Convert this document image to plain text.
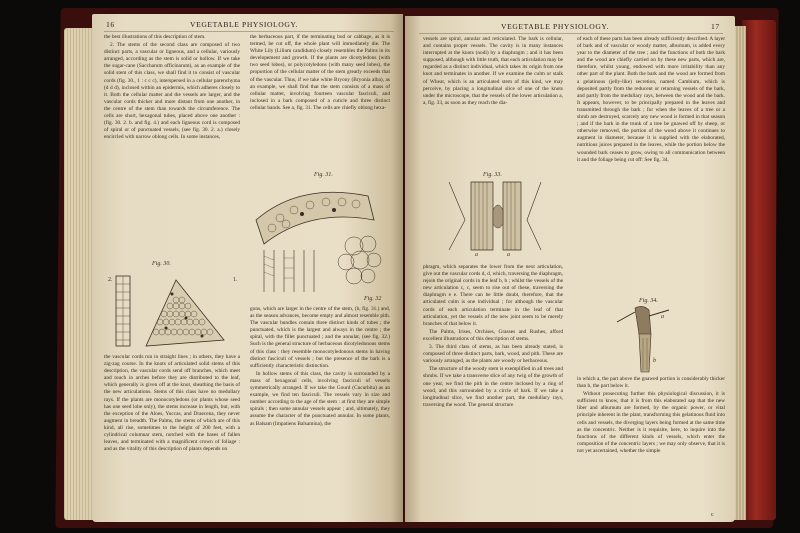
16	VEGETABLE PHYSIOLOGY.

the best illustrations of this description of stem.

2. The stems of the second class are composed of two distinct parts, a vascular or ligneous, and a cellular, variously arranged, according as the stem is solid or hollow. If we take the sugar-cane (Saccharum officinarum), as an example of the solid stem of this class, we shall find it to consist of vascular cords (fig. 30., 1 : c c c), interspersed in a cellular parenchyma (d d d), inclosed within an epidermis, which adheres closely to it. Both the cellular matter and the vessels are larger, and the vascular cords thicker and more distant from one another, in the centre of the stem than towards the circumference. The cells are short, hexagonal tubes, placed above one another : (fig. 30. 2. b. and fig. 4.) and each ligneous cord is composed of spiral or of punctuated vessels, (see fig. 30. 2. a.) closely encircled with narrow oblong cells. In some instances,

the herbaceous part, if the terminating bud or cabbage, as it is termed, be cut off, the whole plant will immediately die. The White Lily (Lilium candidum) closely resembles the Palms in its developement and growth. If the plants are dicotyledons (with two seed lobes), or polycotyledons (with many seed lobes), the proportion of the cellular matter of the stem greatly exceeds that of the vascular. Thus, if we take white Bryony (Bryonia alba), as an example, we shall find that the stem consists of a mass of cellular matter, involving fourteen vascular fasciculi, and inclosed in a bark composed of a cuticle and three distinct cellular bands. See a, fig. 31. The cells are chiefly oblong hexa-

Fig. 30.
2.	1.
Fig. 31.
Fig. 32

the vascular cords run in straight lines ; in others, they have a zig-zag course. In the knots of articulated solid stems of this description, the vascular cords send off branches, which meet and touch in arches before they are distributed to the leaf, which generally is given off at the knot, sheathing the basis of the new articulations. Stems of this class have no medullary rays. If the plants are monocotyledons (or plants whose seed has one seed lobe only), the stems increase in length, but, with the exception of the Aloes, Yuccas, and Draecena, they never augment in breadth. The Palms, the stems of which are of this kind, all rise, sometimes to the height of 200 feet, with a cylindrical columnar stem, notched with the bases of fallen leaves, and terminated with a magnificent crown of foliage : and as the vitality of this description of plants depends on

gons, which are larger in the centre of the stem, (b, fig. 31.) and, as the season advances, become empty and almost resemble pith. The vascular bundles contain three distinct kinds of tubes ; the punctuated, which is the largest and always in the centre ; the spiral, with the fillet punctuated ; and the annular, (see fig. 32.) Such is the general structure of herbaceous dicotyledonous stems of this class : they resemble monocotyledonous stems in having distinct fasciculi of vessels ; but the presence of the bark is a sufficiently characteristic distinction.

In hollow stems of this class, the cavity is surrounded by a mass of hexagonal cells, involving fasciculi of vessels symmetrically arranged. If we take the Gourd (Cucurbita) as an example, we find ten fasciculi. The vessels vary in size and number according to the age of the stem : at first they are simple spirals ; then some annular vessels appear ; and, ultimately, they assume the character of the punctuated annular. In some plants, as Balsam (Impatiens Balsamina), the

VEGETABLE PHYSIOLOGY.	17

vessels are spiral, annular and reticulated. The bark is cellular, and contains proper vessels. The cavity is in many instances interrupted at the knots (nodi) by a diaphragm ; and it has been supposed, although with little truth, that each articulation may be regarded as a distinct individual, which takes its origin from one knot and terminates in another. If we examine the culm or stalk of Wheat, which is an articulated stem of this kind, we may perceive, by placing a longitudinal slice of one of the knots under the microscope, that the vessels of the lower articulation a, a, fig. 33, as soon as they reach the dia-

Fig. 33.
a	a

phragm, which separates the lower from the next articulation, give out the vascular cords d, d, which, traversing the diaphragm, rejoin the original cords in the leaf b, b ; whilst the vessels of the new articulation c, c, seem to rise out of these, traversing the diaphragm e e. There can be little doubt, therefore, that the articulated culm is one individual ; for although the vascular cords of each articulation terminate in the leaf of that articulation, yet the vessels of the new joint seem to be merely branches of that below it.

The Palms, Irises, Orchises, Grasses and Rushes, afford excellent illustrations of this description of stems.

3. The third class of stems, as has been already stated, is composed of three distinct parts, bark, wood, and pith. These are variously arranged, as the plants are woody or herbaceous.

The structure of the woody stem is exemplified in all trees and shrubs. If we take a transverse slice of any twig of the growth of one year, we find the pith in the centre inclosed by a ring of wood, and this surrounded by a circle of bark. If we take a longitudinal slice, we find another part, the medullary rays, traversing the wood. The general structure

of each of these parts has been already sufficiently described. A layer of bark and of vascular or woody matter, alburnum, is added every year to the diameter of the tree ; and the functions of both the bark and the wood are chiefly carried on by these new parts, which are, therefore, whilst young, endowed with more irritability than any other part of the plant. Both the bark and the wood are formed from a gelatinous (jelly-like) secretion, named Cambium, which is deposited partly from the reducent or returning vessels of the bark, and partly from the medullary rays, between the wood and the bark. It appears, however, to be principally prepared in the leaves and transmitted through the bark ; for when the leaves of a tree or a shrub are destroyed, scarcely any new wood is formed in that season ; and if the bark in the trunk of a tree be gnawed off by sheep, or otherwise removed, the portion of the wood above it continues to augment in diameter, because it is supplied with the elaborated, nutritious juices prepared in the leaves, while the portion below the wounded bark ceases to grow, owing to all communication between it and the foliage being cut off: See fig. 34,

Fig. 34.
a
b

in which a, the part above the gnawed portion is considerably thicker than b, the part below it.

Without prosecuting further this physiological discussion, it is sufficient to know, that it is from this elaborated sap that the new liber and alburnum are formed, by the organic power, or vital principle inherent in the plant, transforming this gelatinous fluid into cells and vessels, the diverging layers being formed at the same time as the concentric. Neither is it requisite, here, to inquire into the functions of the different kinds of vessels, which enter the composition of the concentric layers ; we may only observe, that it is not yet ascertained, whether the simple

c
